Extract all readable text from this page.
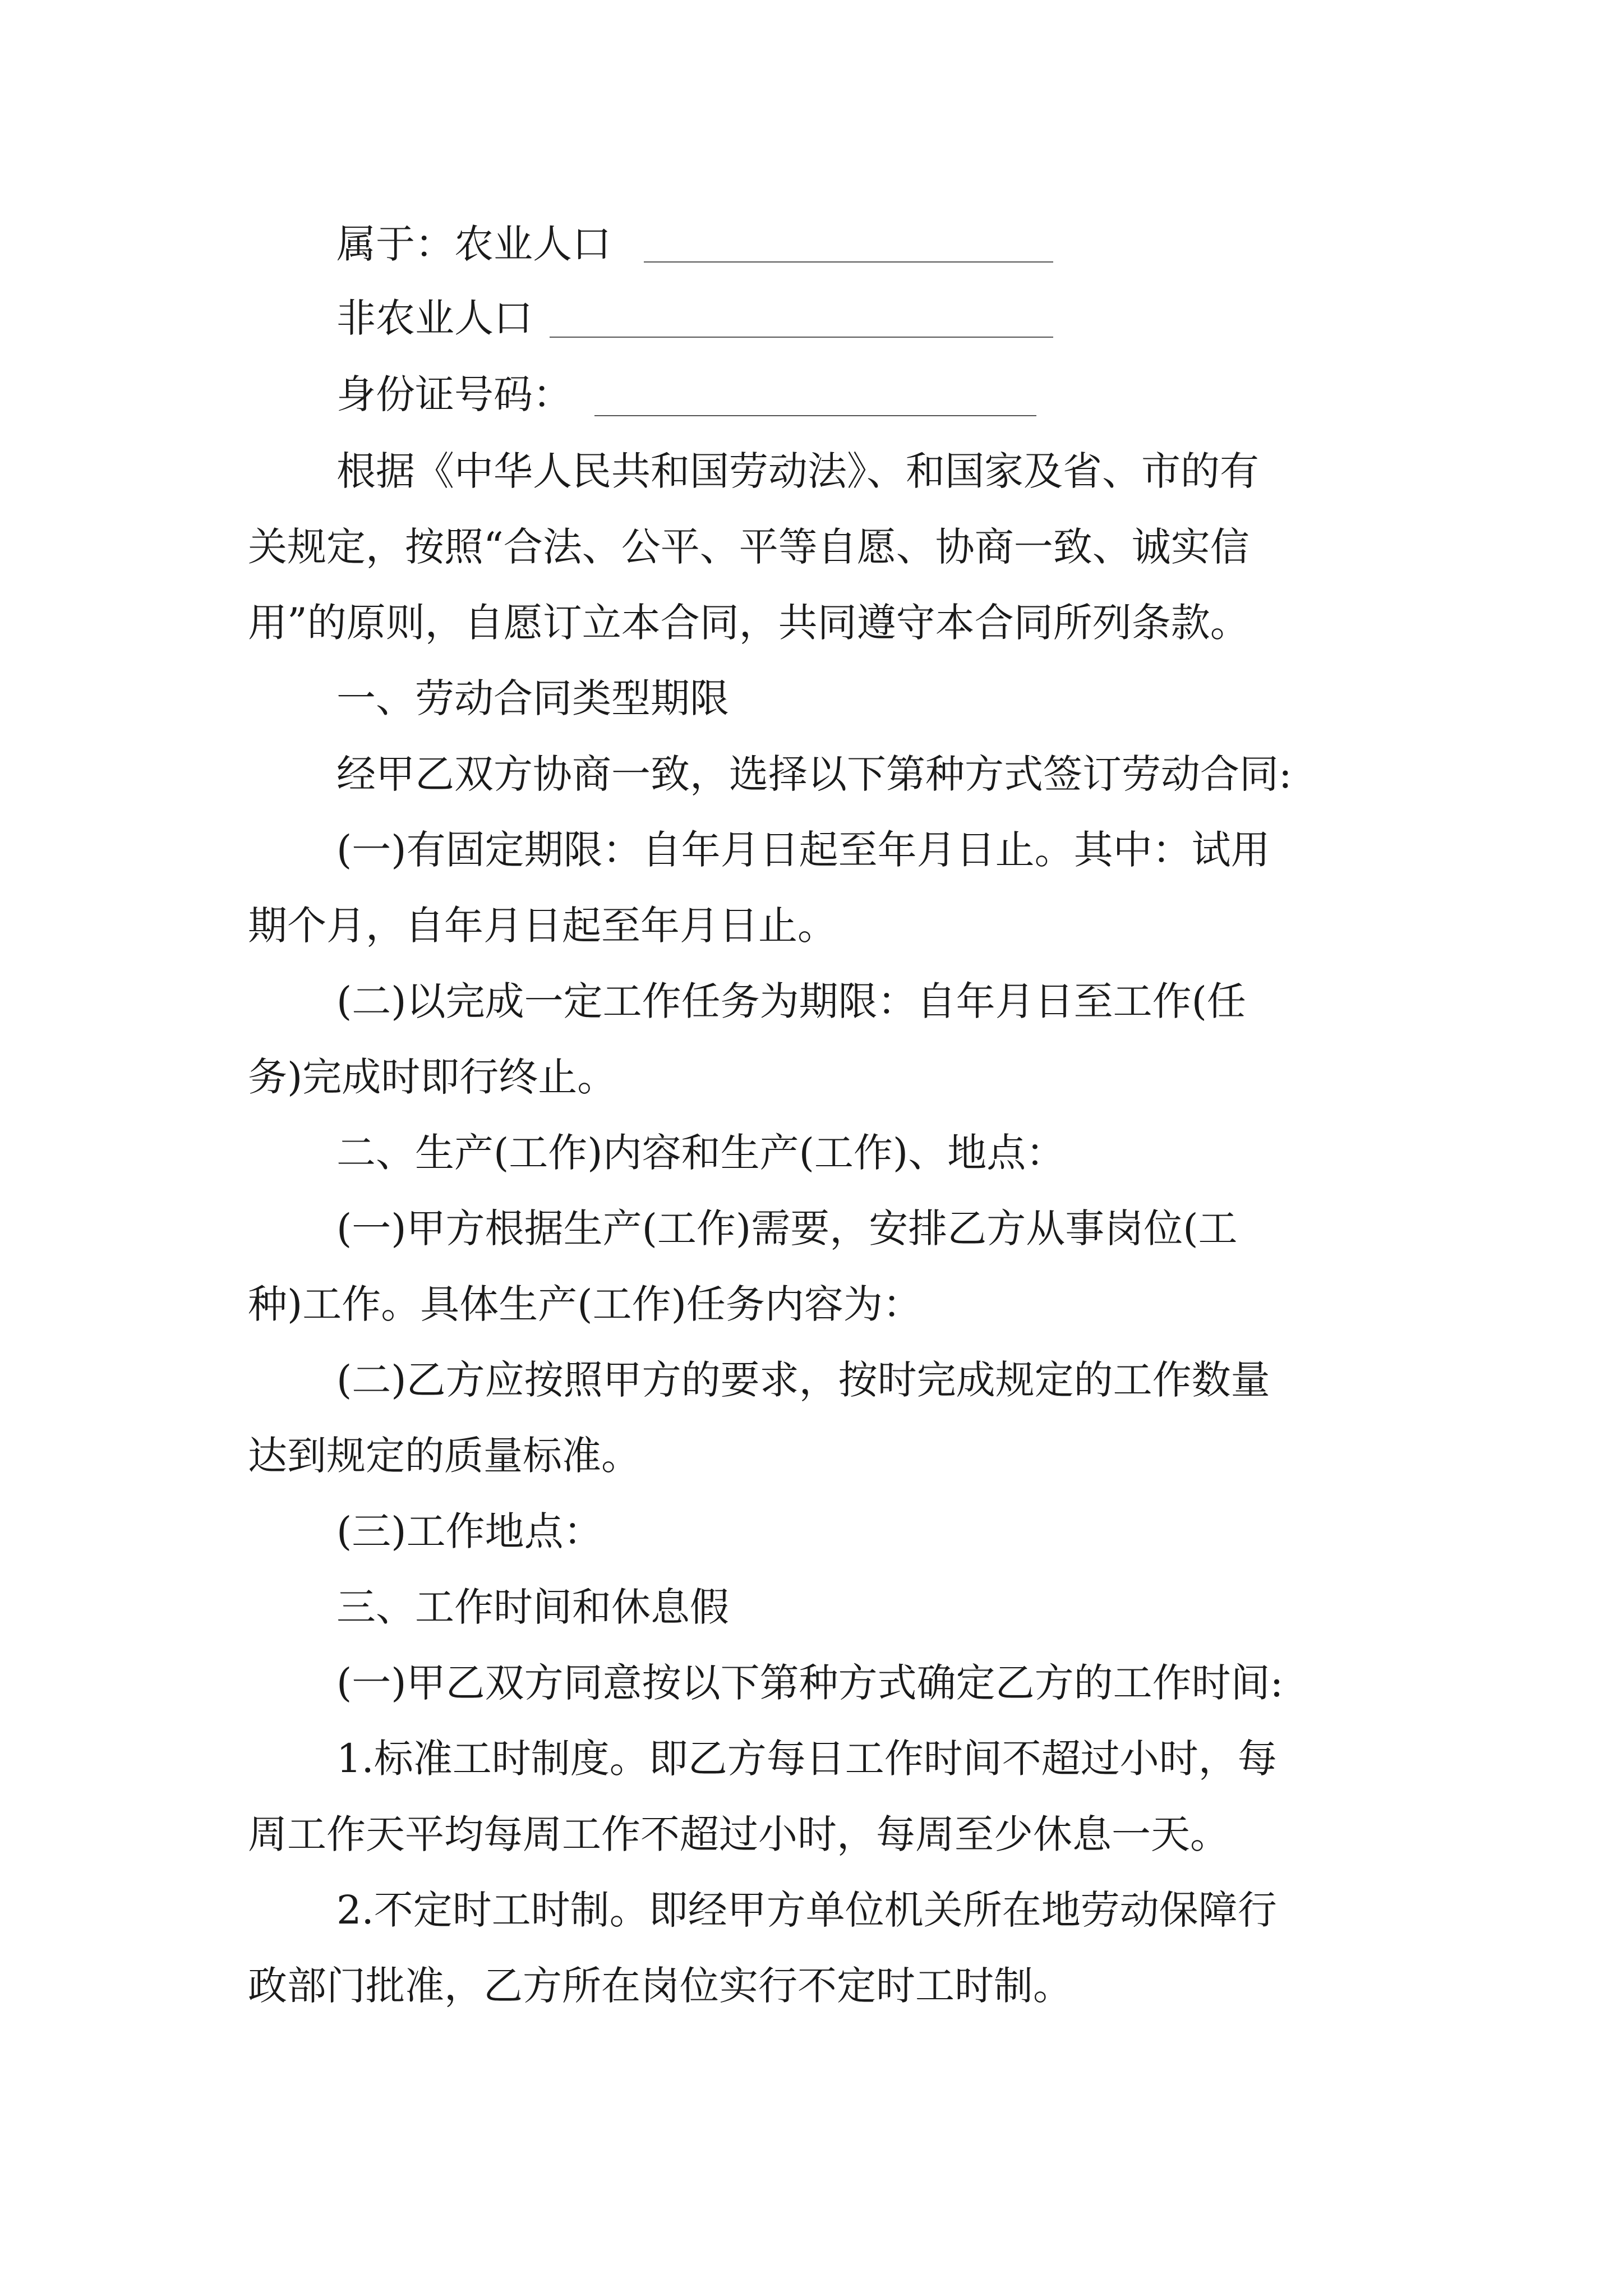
属于：农业人口
非农业人口
身份证号码：
根据《中华人民共和国劳动法》、和国家及省、市的有
关规定，按照“合法、公平、平等自愿、协商一致、诚实信
用”的原则，自愿订立本合同，共同遵守本合同所列条款。
一、劳动合同类型期限
经甲乙双方协商一致，选择以下第种方式签订劳动合同:
(一)有固定期限：自年月日起至年月日止。其中：试用
期个月，自年月日起至年月日止。
(二)以完成一定工作任务为期限：自年月日至工作(任
务)完成时即行终止。
二、生产(工作)内容和生产(工作)、地点：
(一)甲方根据生产(工作)需要，安排乙方从事岗位(工
种)工作。具体生产(工作)任务内容为：
(二)乙方应按照甲方的要求，按时完成规定的工作数量
达到规定的质量标准。
(三)工作地点：
三、工作时间和休息假
(一)甲乙双方同意按以下第种方式确定乙方的工作时间:
1.标准工时制度。即乙方每日工作时间不超过小时，每
周工作天平均每周工作不超过小时，每周至少休息一天。
2.不定时工时制。即经甲方单位机关所在地劳动保障行
政部门批准，乙方所在岗位实行不定时工时制。
